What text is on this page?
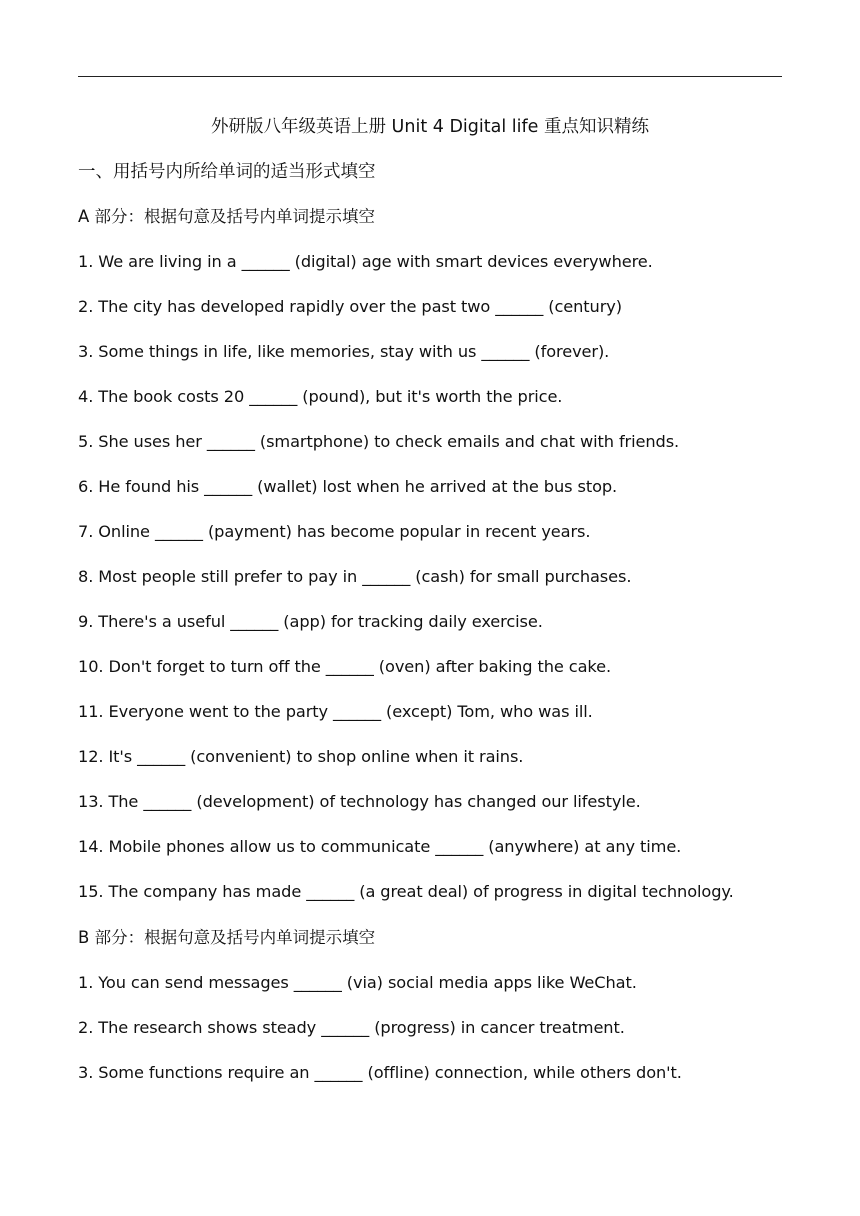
外研版八年级英语上册 Unit 4 Digital life 重点知识精练
一、用括号内所给单词的适当形式填空
A 部分：根据句意及括号内单词提示填空
1. We are living in a ______ (digital) age with smart devices everywhere.
2. The city has developed rapidly over the past two ______ (century)
3. Some things in life, like memories, stay with us ______ (forever).
4. The book costs 20 ______ (pound), but it's worth the price.
5. She uses her ______ (smartphone) to check emails and chat with friends.
6. He found his ______ (wallet) lost when he arrived at the bus stop.
7. Online ______ (payment) has become popular in recent years.
8. Most people still prefer to pay in ______ (cash) for small purchases.
9. There's a useful ______ (app) for tracking daily exercise.
10. Don't forget to turn off the ______ (oven) after baking the cake.
11. Everyone went to the party ______ (except) Tom, who was ill.
12. It's ______ (convenient) to shop online when it rains.
13. The ______ (development) of technology has changed our lifestyle.
14. Mobile phones allow us to communicate ______ (anywhere) at any time.
15. The company has made ______ (a great deal) of progress in digital technology.
B 部分：根据句意及括号内单词提示填空
1. You can send messages ______ (via) social media apps like WeChat.
2. The research shows steady ______ (progress) in cancer treatment.
3. Some functions require an ______ (offline) connection, while others don't.
